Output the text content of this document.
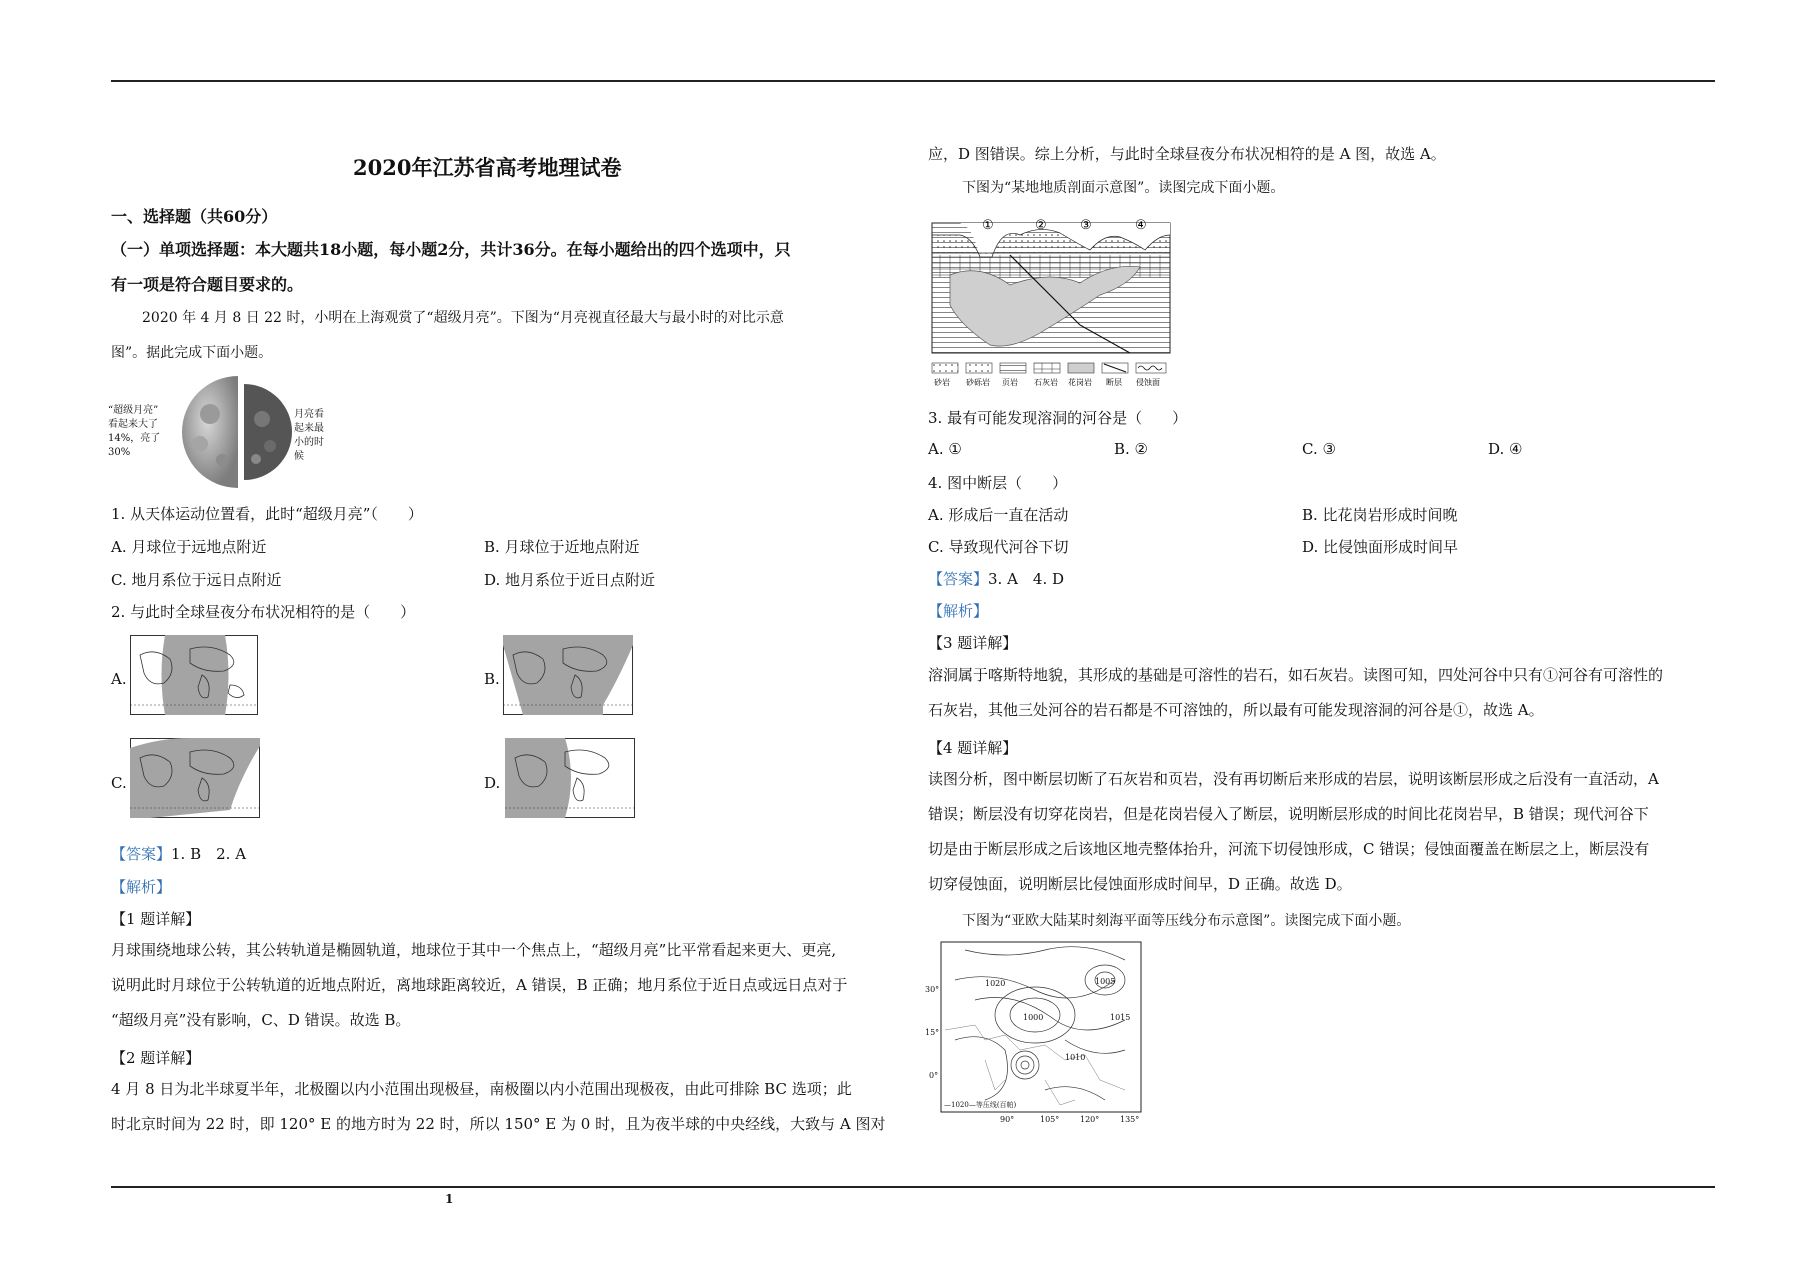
2020年江苏省高考地理试卷
一、选择题（共60分）
（一）单项选择题：本大题共18小题，每小题2分，共计36分。在每小题给出的四个选项中，只
有一项是符合题目要求的。
2020 年 4 月 8 日 22 时，小明在上海观赏了“超级月亮”。下图为“月亮视直径最大与最小时的对比示意
图”。据此完成下面小题。
“超级月亮”
看起来大了
14%，亮了
30%
月亮看
起来最
小的时
候
1. 从天体运动位置看，此时“超级月亮”（　　）
A. 月球位于远地点附近	B. 月球位于近地点附近
C. 地月系位于远日点附近	D. 地月系位于近日点附近
2. 与此时全球昼夜分布状况相符的是（　　）
A.	B.
C.	D.
【答案】1. B　2. A
【解析】
【1 题详解】
月球围绕地球公转，其公转轨道是椭圆轨道，地球位于其中一个焦点上，“超级月亮”比平常看起来更大、更亮,
说明此时月球位于公转轨道的近地点附近，离地球距离较近，A 错误，B 正确；地月系位于近日点或远日点对于
“超级月亮”没有影响，C、D 错误。故选 B。
【2 题详解】
4 月 8 日为北半球夏半年，北极圈以内小范围出现极昼，南极圈以内小范围出现极夜，由此可排除 BC 选项；此
时北京时间为 22 时，即 120° E 的地方时为 22 时，所以 150° E 为 0 时，且为夜半球的中央经线，大致与 A 图对
1
应，D 图错误。综上分析，与此时全球昼夜分布状况相符的是 A 图，故选 A。
下图为“某地地质剖面示意图”。读图完成下面小题。
①	②	③	④
砂岩 砂砾岩 页岩 石灰岩 花岗岩 断层 侵蚀面
3. 最有可能发现溶洞的河谷是（　　）
A. ①	B. ②	C. ③	D. ④
4. 图中断层（　　）
A. 形成后一直在活动	B. 比花岗岩形成时间晚
C. 导致现代河谷下切	D. 比侵蚀面形成时间早
【答案】3. A　4. D
【解析】
【3 题详解】
溶洞属于喀斯特地貌，其形成的基础是可溶性的岩石，如石灰岩。读图可知，四处河谷中只有①河谷有可溶性的
石灰岩，其他三处河谷的岩石都是不可溶蚀的，所以最有可能发现溶洞的河谷是①，故选 A。
【4 题详解】
读图分析，图中断层切断了石灰岩和页岩，没有再切断后来形成的岩层，说明该断层形成之后没有一直活动，A
错误；断层没有切穿花岗岩，但是花岗岩侵入了断层，说明断层形成的时间比花岗岩早，B 错误；现代河谷下
切是由于断层形成之后该地区地壳整体抬升，河流下切侵蚀形成，C 错误；侵蚀面覆盖在断层之上，断层没有
切穿侵蚀面，说明断层比侵蚀面形成时间早，D 正确。故选 D。
下图为“亚欧大陆某时刻海平面等压线分布示意图”。读图完成下面小题。
30°
15°
0°
90°	105°	120°	135°
1000
1005
1020
1015
1010
—1020—等压线(百帕)
